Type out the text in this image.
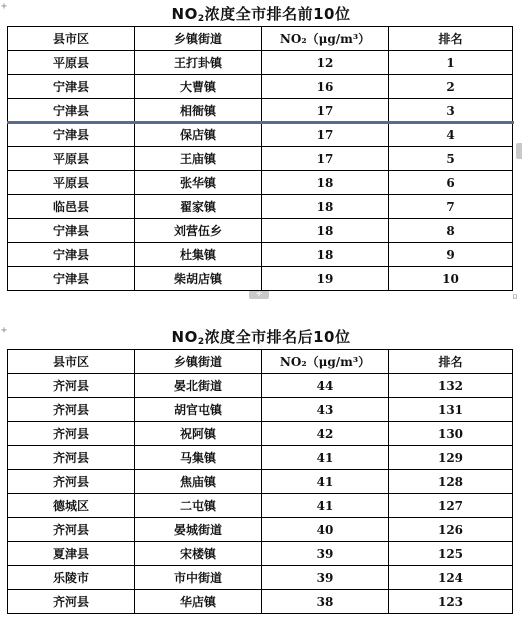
+
+
▫
+
$NO_2$浓度全市排名前10位
县市区	乡镇街道	NO₂（μg/m³）	排名
平原县	王打卦镇	12	1
宁津县	大曹镇	16	2
宁津县	相衙镇	17	3
宁津县	保店镇	17	4
平原县	王庙镇	17	5
平原县	张华镇	18	6
临邑县	翟家镇	18	7
宁津县	刘营伍乡	18	8
宁津县	杜集镇	18	9
宁津县	柴胡店镇	19	10
$NO_2$浓度全市排名后10位
县市区	乡镇街道	NO₂（μg/m³）	排名
齐河县	晏北街道	44	132
齐河县	胡官屯镇	43	131
齐河县	祝阿镇	42	130
齐河县	马集镇	41	129
齐河县	焦庙镇	41	128
德城区	二屯镇	41	127
齐河县	晏城街道	40	126
夏津县	宋楼镇	39	125
乐陵市	市中街道	39	124
齐河县	华店镇	38	123
